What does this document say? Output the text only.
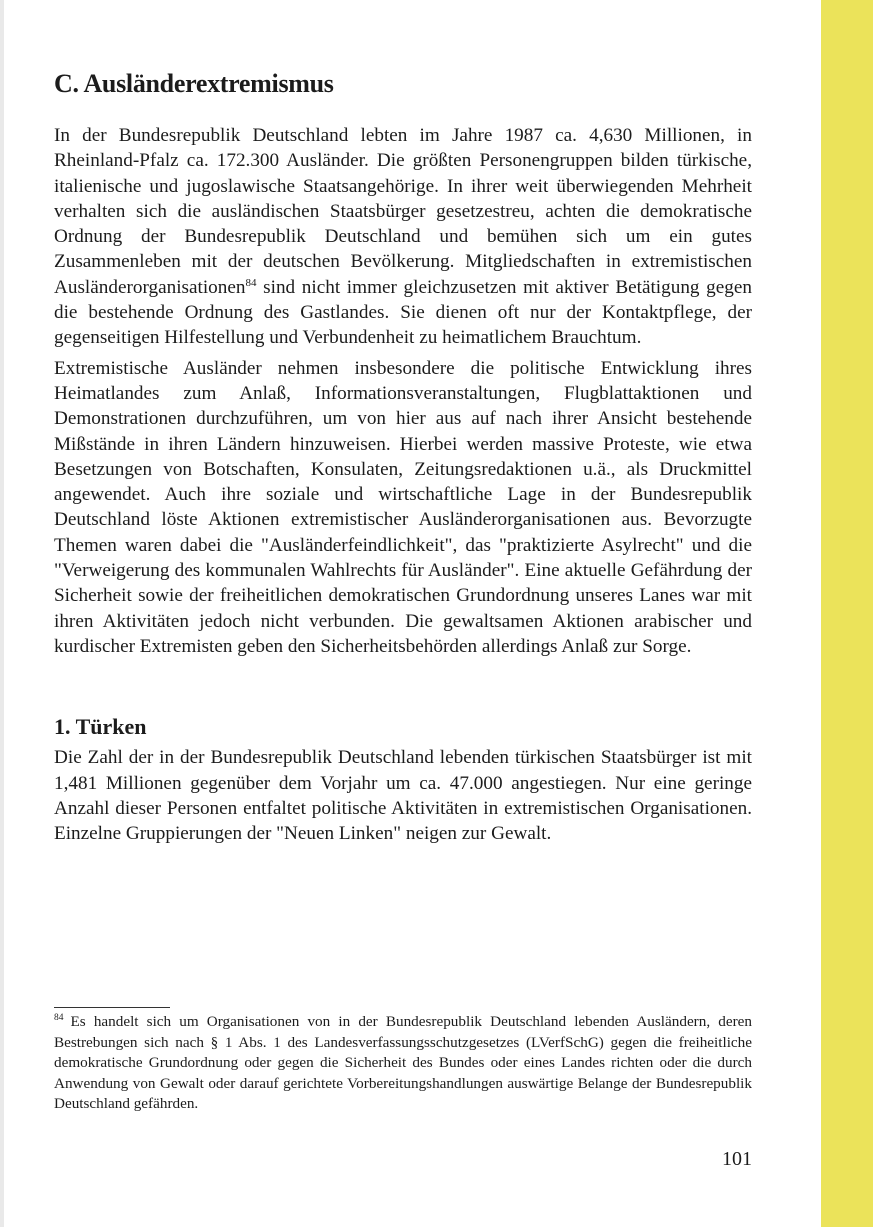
C. Ausländerextremismus

In der Bundesrepublik Deutschland lebten im Jahre 1987 ca. 4,630 Millionen, in Rheinland-Pfalz ca. 172.300 Ausländer. Die größten Personengruppen bilden türkische, italienische und jugoslawische Staatsangehörige. In ihrer weit überwiegenden Mehrheit verhalten sich die ausländischen Staatsbürger gesetzestreu, achten die demokratische Ordnung der Bundesrepublik Deutschland und bemühen sich um ein gutes Zusammenleben mit der deutschen Bevölkerung. Mitgliedschaften in extremistischen Ausländerorganisationen$^{84}$ sind nicht immer gleichzusetzen mit aktiver Betätigung gegen die bestehende Ordnung des Gastlandes. Sie dienen oft nur der Kontaktpflege, der gegenseitigen Hilfestellung und Verbundenheit zu heimatlichem Brauchtum.

Extremistische Ausländer nehmen insbesondere die politische Entwicklung ihres Heimatlandes zum Anlaß, Informationsveranstaltungen, Flugblattaktionen und Demonstrationen durchzuführen, um von hier aus auf nach ihrer Ansicht bestehende Mißstände in ihren Ländern hinzuweisen. Hierbei werden massive Proteste, wie etwa Besetzungen von Botschaften, Konsulaten, Zeitungsredaktionen u.ä., als Druckmittel angewendet. Auch ihre soziale und wirtschaftliche Lage in der Bundesrepublik Deutschland löste Aktionen extremistischer Ausländerorganisationen aus. Bevorzugte Themen waren dabei die "Ausländerfeindlichkeit", das "praktizierte Asylrecht" und die "Verweigerung des kommunalen Wahlrechts für Ausländer". Eine aktuelle Gefährdung der Sicherheit sowie der freiheitlichen demokratischen Grundordnung unseres Lanes war mit ihren Aktivitäten jedoch nicht verbunden. Die gewaltsamen Aktionen arabischer und kurdischer Extremisten geben den Sicherheitsbehörden allerdings Anlaß zur Sorge.

1. Türken

Die Zahl der in der Bundesrepublik Deutschland lebenden türkischen Staatsbürger ist mit 1,481 Millionen gegenüber dem Vorjahr um ca. 47.000 angestiegen. Nur eine geringe Anzahl dieser Personen entfaltet politische Aktivitäten in extremistischen Organisationen. Einzelne Gruppierungen der "Neuen Linken" neigen zur Gewalt.

$^{84}$ Es handelt sich um Organisationen von in der Bundesrepublik Deutschland lebenden Ausländern, deren Bestrebungen sich nach § 1 Abs. 1 des Landesverfassungsschutzgesetzes (LVerfSchG) gegen die freiheitliche demokratische Grundordnung oder gegen die Sicherheit des Bundes oder eines Landes richten oder die durch Anwendung von Gewalt oder darauf gerichtete Vorbereitungshandlungen auswärtige Belange der Bundesrepublik Deutschland gefährden.
101
